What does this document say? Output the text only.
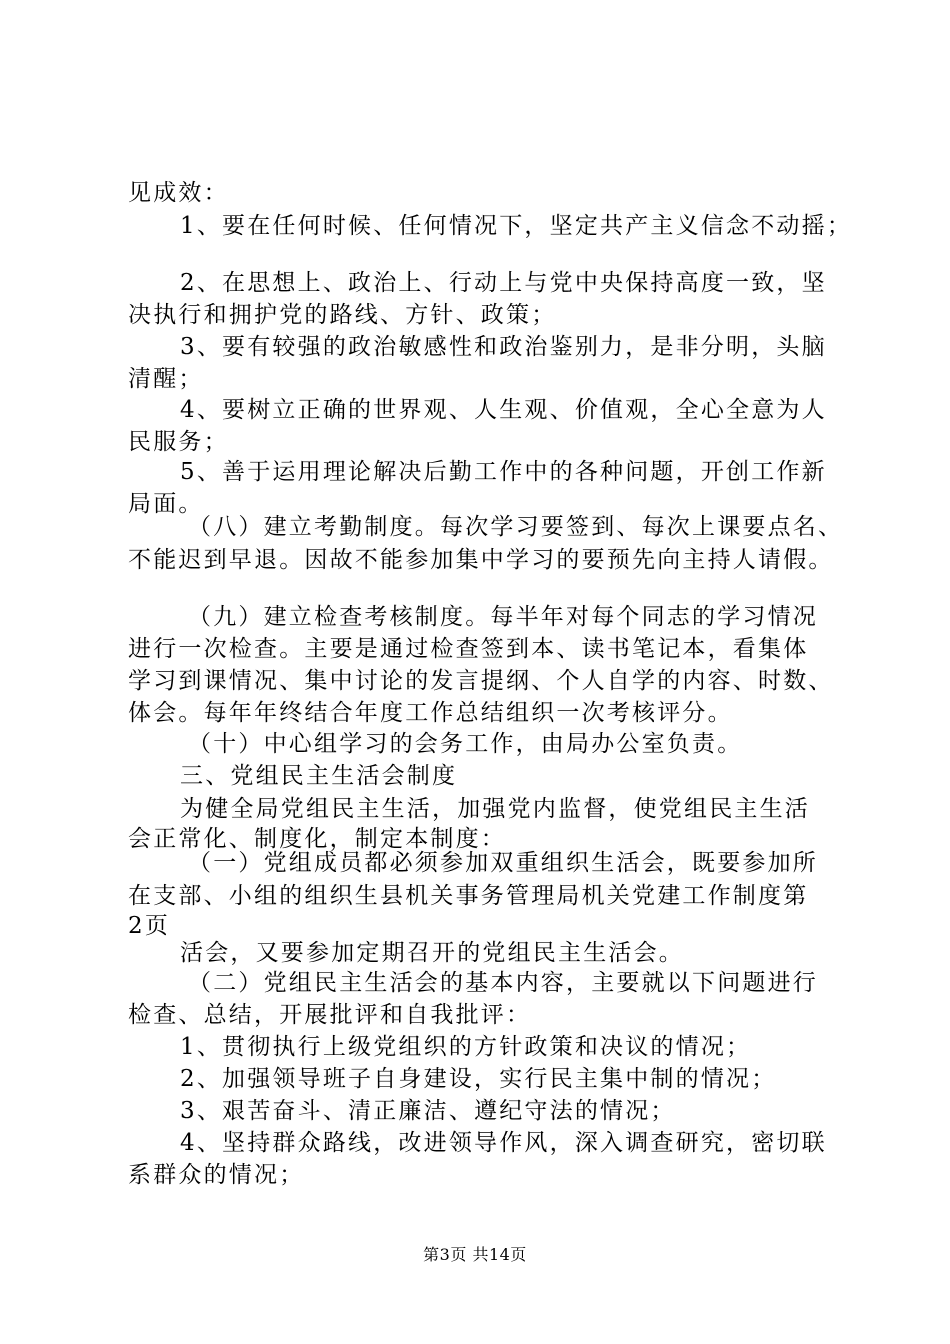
见成效：
1、要在任何时候、任何情况下，坚定共产主义信念不动摇；
2、在思想上、政治上、行动上与党中央保持高度一致，坚
决执行和拥护党的路线、方针、政策；
3、要有较强的政治敏感性和政治鉴别力，是非分明，头脑
清醒；
4、要树立正确的世界观、人生观、价值观，全心全意为人
民服务；
5、善于运用理论解决后勤工作中的各种问题，开创工作新
局面。
（八）建立考勤制度。每次学习要签到、每次上课要点名、
不能迟到早退。因故不能参加集中学习的要预先向主持人请假。
（九）建立检查考核制度。每半年对每个同志的学习情况
进行一次检查。主要是通过检查签到本、读书笔记本，看集体
学习到课情况、集中讨论的发言提纲、个人自学的内容、时数、
体会。每年年终结合年度工作总结组织一次考核评分。
（十）中心组学习的会务工作，由局办公室负责。
三、党组民主生活会制度
为健全局党组民主生活，加强党内监督，使党组民主生活
会正常化、制度化，制定本制度：
（一）党组成员都必须参加双重组织生活会，既要参加所
在支部、小组的组织生县机关事务管理局机关党建工作制度第
2页
活会，又要参加定期召开的党组民主生活会。
（二）党组民主生活会的基本内容，主要就以下问题进行
检查、总结，开展批评和自我批评：
1、贯彻执行上级党组织的方针政策和决议的情况；
2、加强领导班子自身建设，实行民主集中制的情况；
3、艰苦奋斗、清正廉洁、遵纪守法的情况；
4、坚持群众路线，改进领导作风，深入调查研究，密切联
系群众的情况；
第3页 共14页
